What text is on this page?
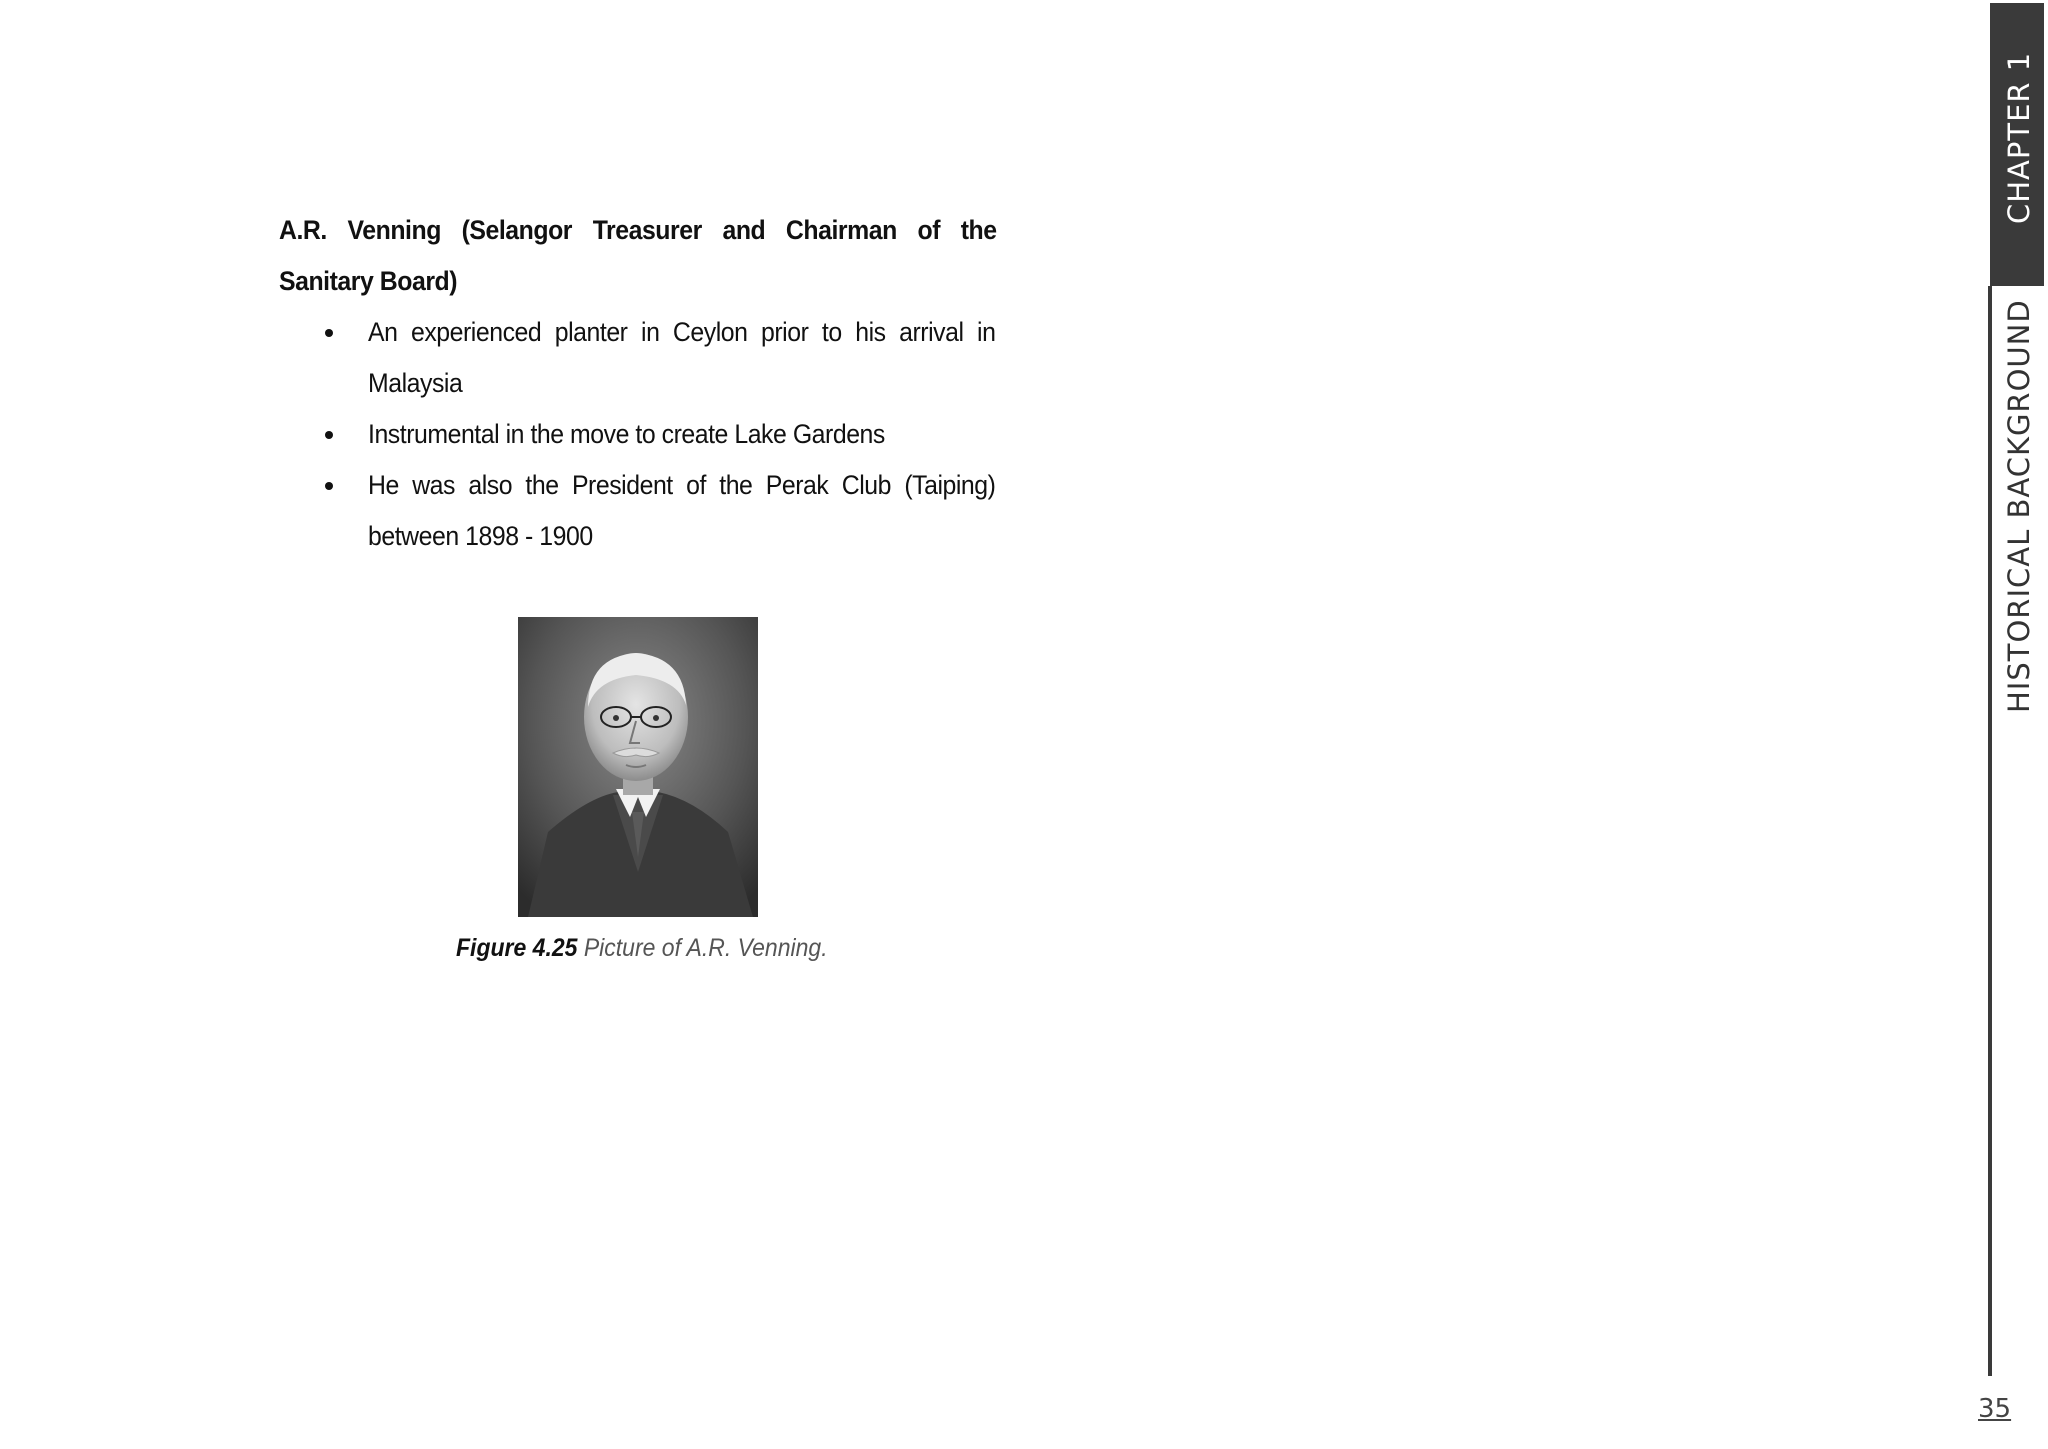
A.R. Venning (Selangor Treasurer and Chairman of the Sanitary Board)
An experienced planter in Ceylon prior to his arrival in Malaysia
Instrumental in the move to create Lake Gardens
He was also the President of the Perak Club (Taiping) between 1898 - 1900
Figure 4.25 Picture of A.R. Venning.
CHAPTER 1
HISTORICAL BACKGROUND
35
